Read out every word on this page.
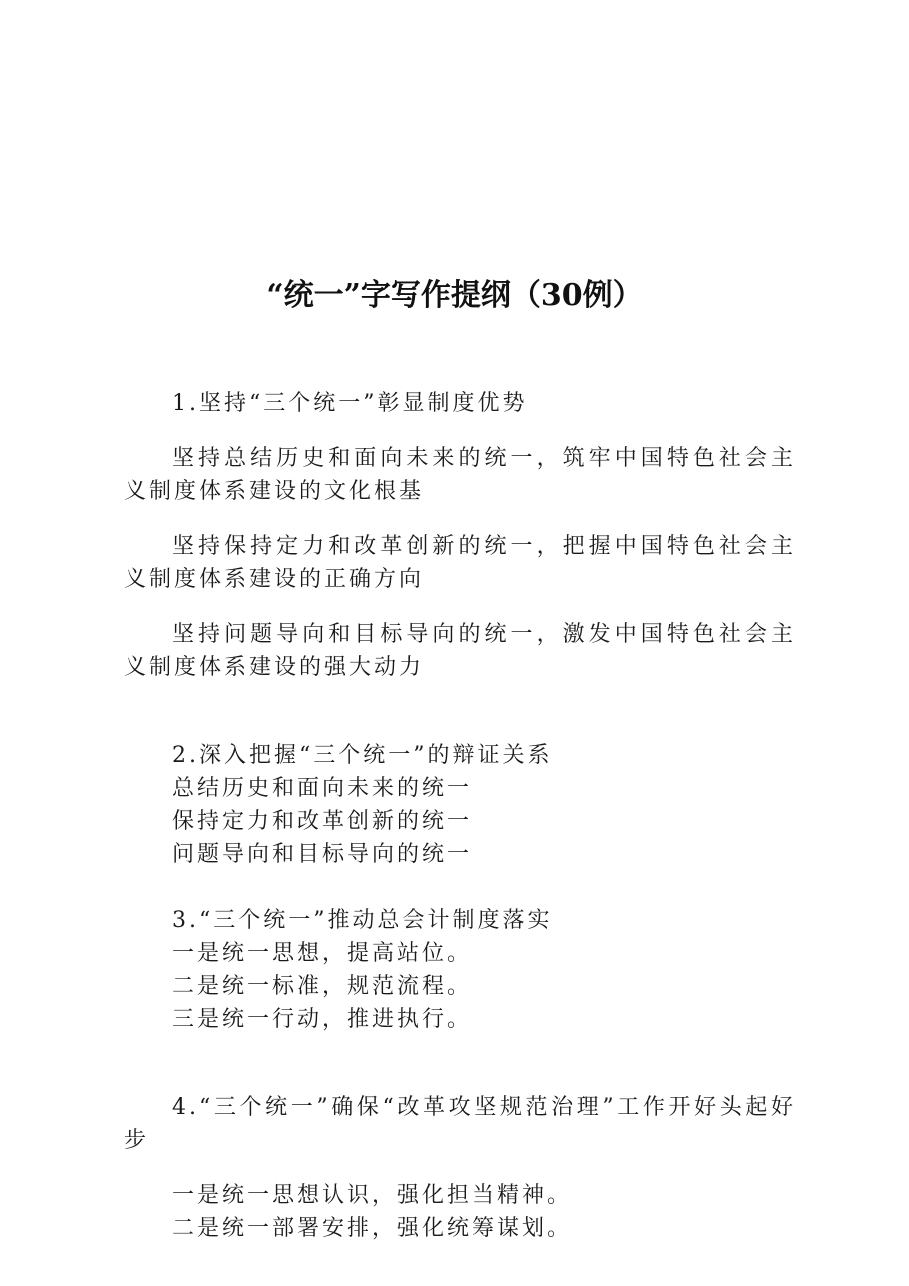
“统一”字写作提纲（30例）

1.坚持“三个统一”彰显制度优势

坚持总结历史和面向未来的统一，筑牢中国特色社会主义制度体系建设的文化根基

坚持保持定力和改革创新的统一，把握中国特色社会主义制度体系建设的正确方向

坚持问题导向和目标导向的统一，激发中国特色社会主义制度体系建设的强大动力

2.深入把握“三个统一”的辩证关系

总结历史和面向未来的统一

保持定力和改革创新的统一

问题导向和目标导向的统一

3.“三个统一”推动总会计制度落实

一是统一思想，提高站位。

二是统一标准，规范流程。

三是统一行动，推进执行。

4.“三个统一”确保“改革攻坚规范治理”工作开好头起好步

一是统一思想认识，强化担当精神。

二是统一部署安排，强化统筹谋划。
